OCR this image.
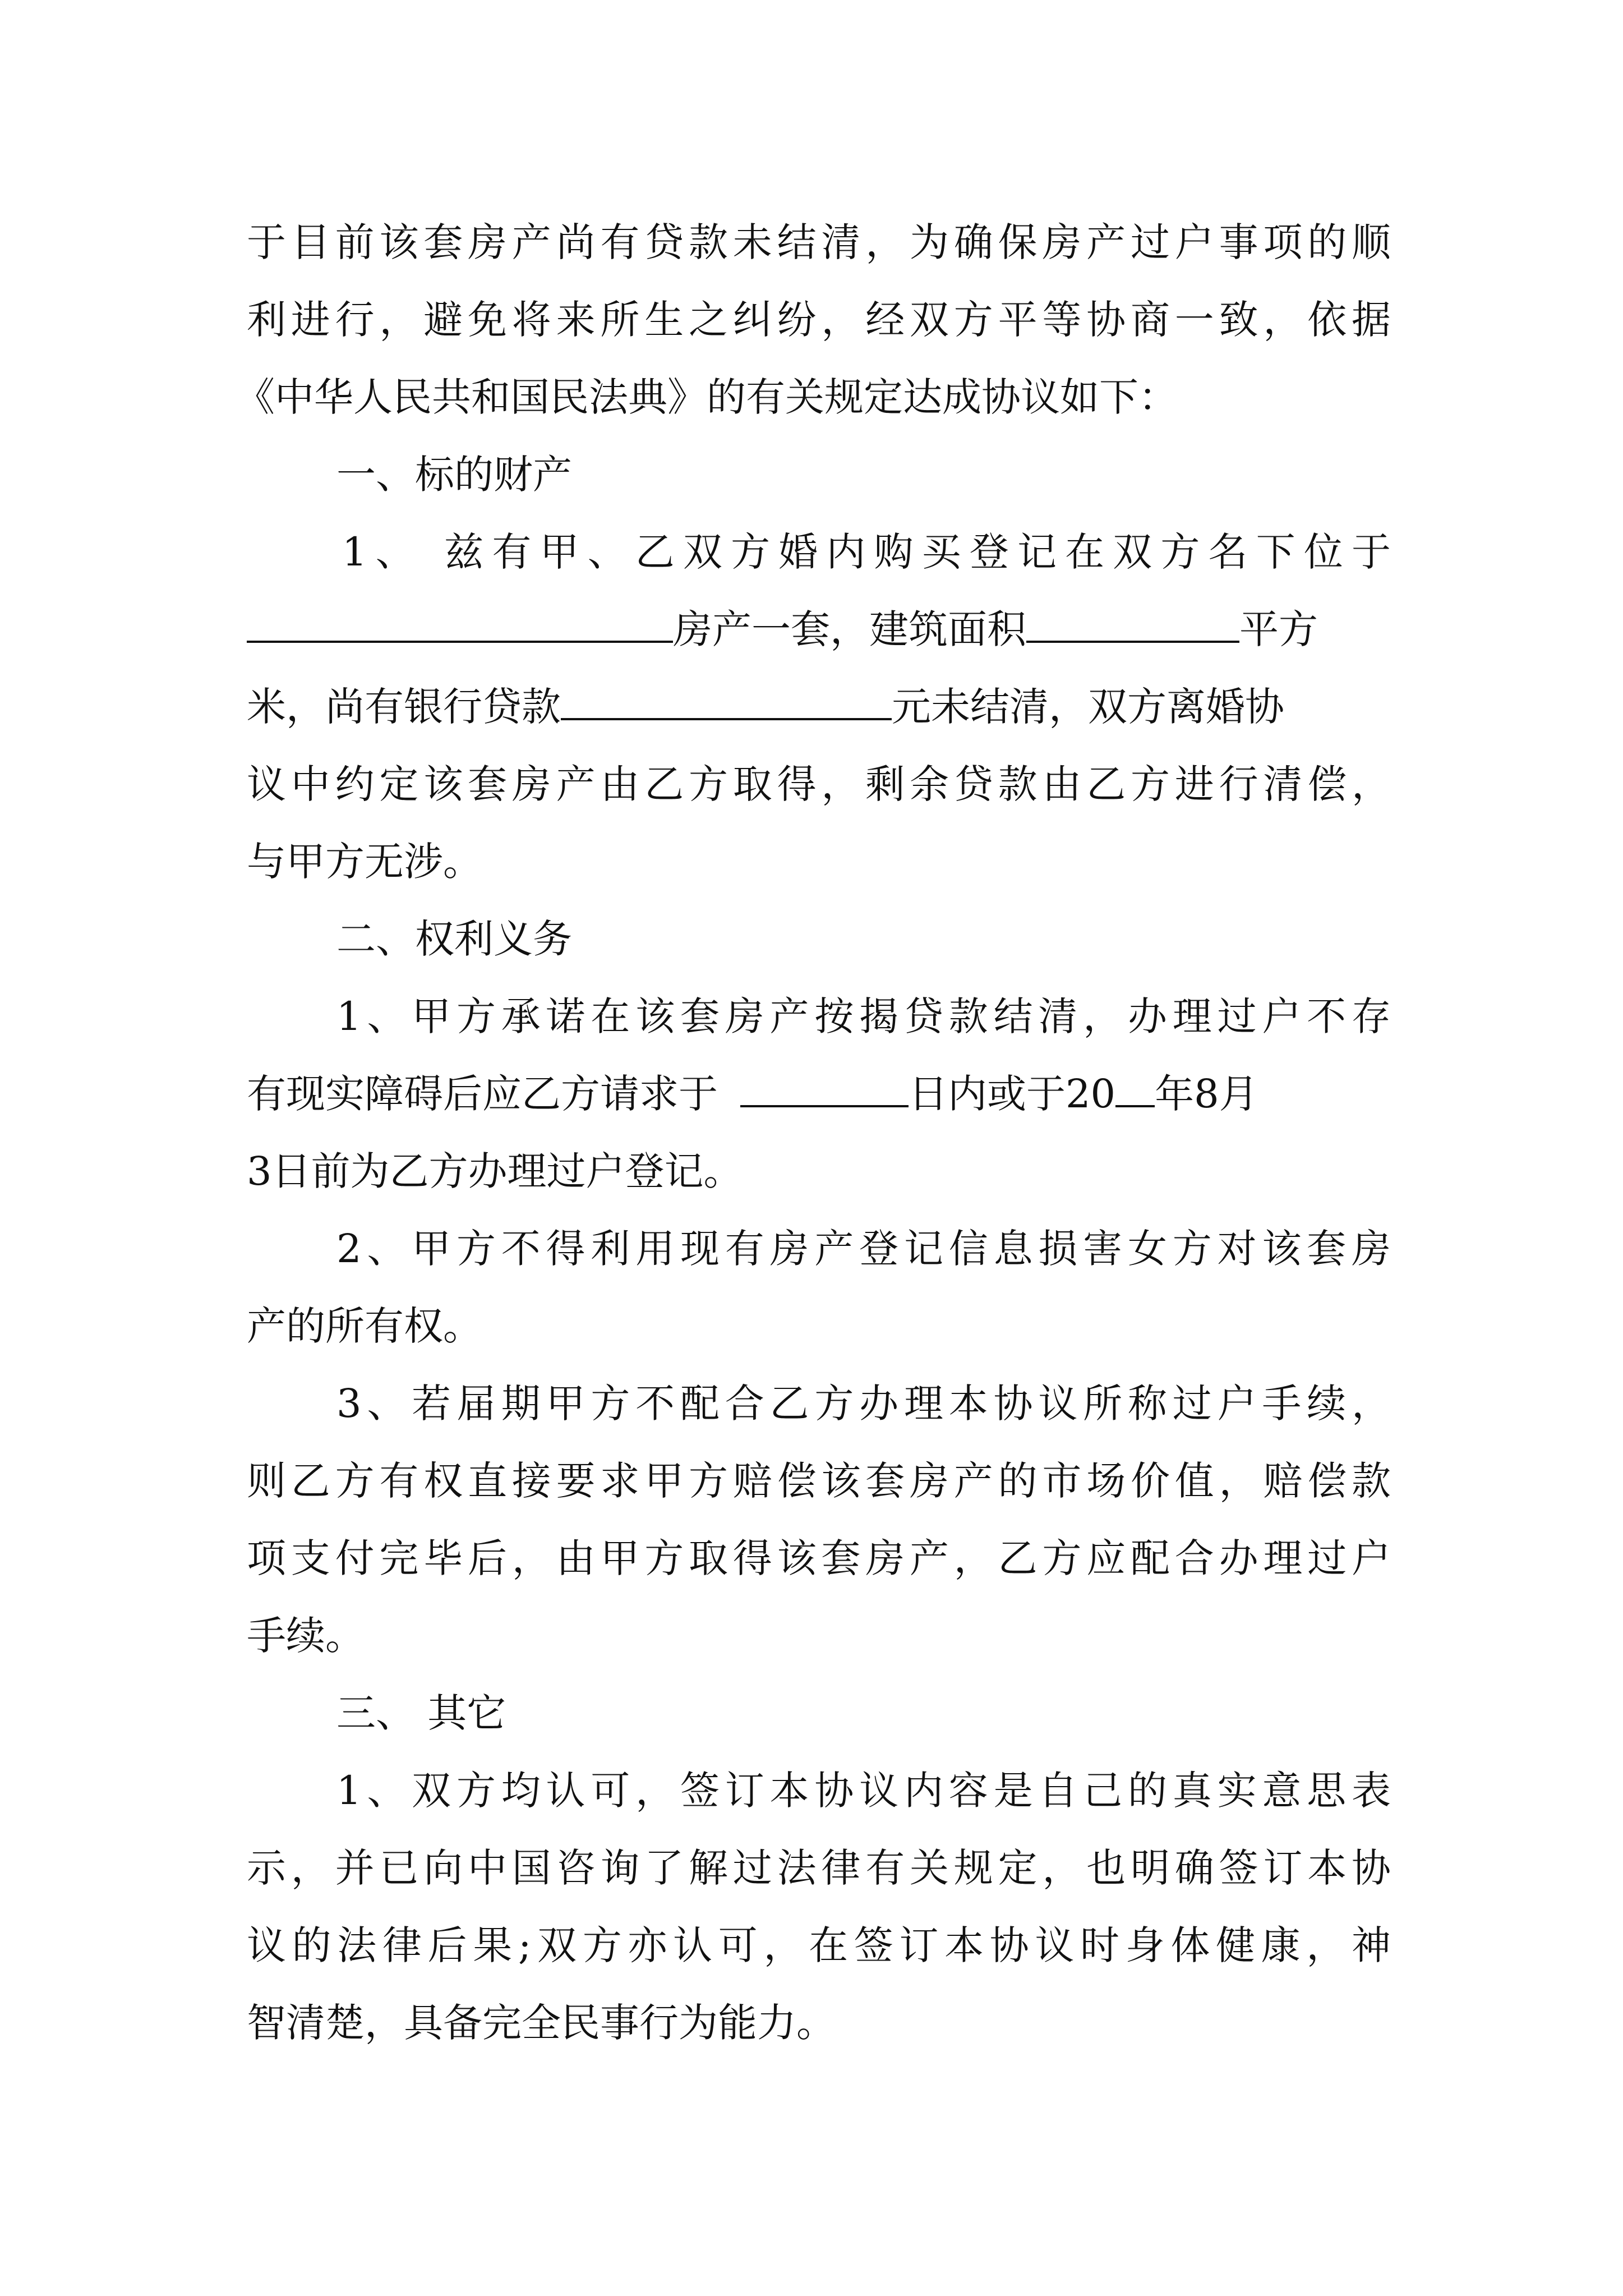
于目前该套房产尚有贷款未结清，为确保房产过户事项的顺
利进行，避免将来所生之纠纷，经双方平等协商一致，依据
《中华人民共和国民法典》的有关规定达成协议如下：
一、标的财产
1、 兹有甲、乙双方婚内购买登记在双方名下位于
房产一套，建筑面积	平方
米，尚有银行贷款	元未结清，双方离婚协
议中约定该套房产由乙方取得，剩余贷款由乙方进行清偿，
与甲方无涉。
二、权利义务
1、甲方承诺在该套房产按揭贷款结清，办理过户不存
有现实障碍后应乙方请求于	日内或于20 年8月
3日前为乙方办理过户登记。
2、甲方不得利用现有房产登记信息损害女方对该套房
产的所有权。
3、若届期甲方不配合乙方办理本协议所称过户手续，
则乙方有权直接要求甲方赔偿该套房产的市场价值，赔偿款
项支付完毕后，由甲方取得该套房产，乙方应配合办理过户
手续。
三、 其它
1、双方均认可，签订本协议内容是自己的真实意思表
示，并已向中国咨询了解过法律有关规定，也明确签订本协
议的法律后果;双方亦认可，在签订本协议时身体健康，神
智清楚，具备完全民事行为能力。
